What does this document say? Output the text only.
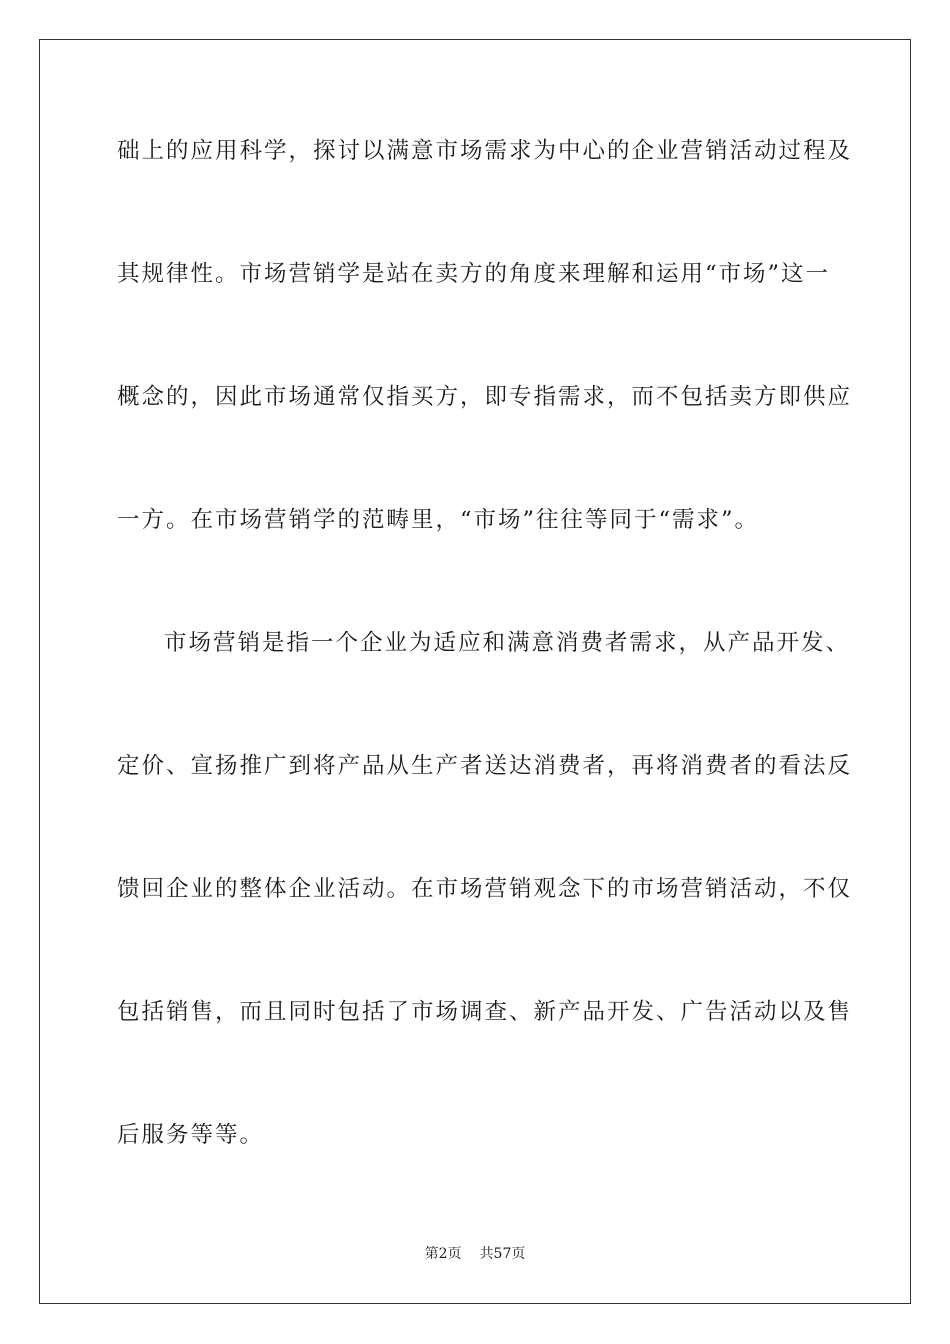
础上的应用科学，探讨以满意市场需求为中心的企业营销活动过程及

其规律性。市场营销学是站在卖方的角度来理解和运用“市场”这一

概念的，因此市场通常仅指买方，即专指需求，而不包括卖方即供应

一方。在市场营销学的范畴里，“市场”往往等同于“需求”。

市场营销是指一个企业为适应和满意消费者需求，从产品开发、

定价、宣扬推广到将产品从生产者送达消费者，再将消费者的看法反

馈回企业的整体企业活动。在市场营销观念下的市场营销活动，不仅

包括销售，而且同时包括了市场调查、新产品开发、广告活动以及售

后服务等等。

第2页 共57页
